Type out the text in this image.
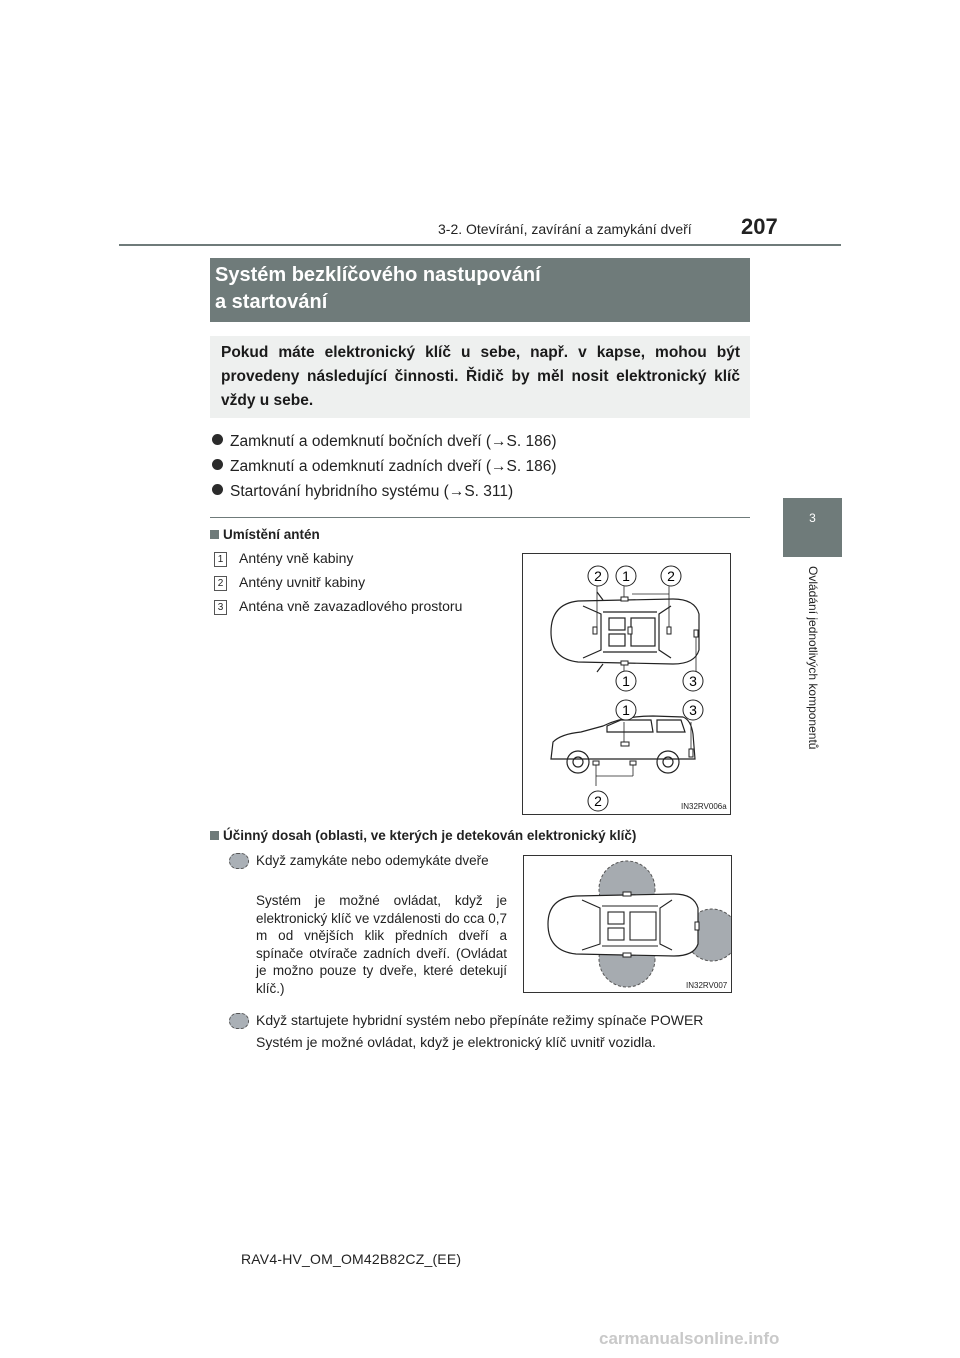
3-2. Otevírání, zavírání a zamykání dveří 207
3
Ovládání jednotlivých komponentů
Systém bezklíčového nastupování
a startování
Pokud máte elektronický klíč u sebe, např. v kapse, mohou být provedeny následující činnosti. Řidič by měl nosit elektronický klíč vždy u sebe.
Zamknutí a odemknutí bočních dveří (→S. 186)
Zamknutí a odemknutí zadních dveří (→S. 186)
Startování hybridního systému (→S. 311)
Umístění antén
1 Antény vně kabiny
2 Antény uvnitř kabiny
3 Anténa vně zavazadlového prostoru
2 1	2
1	3
1	3
2	IN32RV006a
Účinný dosah (oblasti, ve kterých je detekován elektronický klíč)
Když zamykáte nebo odemykáte dveře
Systém je možné ovládat, když je elektronický klíč ve vzdálenosti do cca 0,7 m od vnějších klik předních dveří a spínače otvírače zadních dveří. (Ovládat je možno pouze ty dveře, které detekují klíč.)	IN32RV007
Když startujete hybridní systém nebo přepínáte režimy spínače POWER
Systém je možné ovládat, když je elektronický klíč uvnitř vozidla.
RAV4-HV_OM_OM42B82CZ_(EE)
carmanualsonline.info
